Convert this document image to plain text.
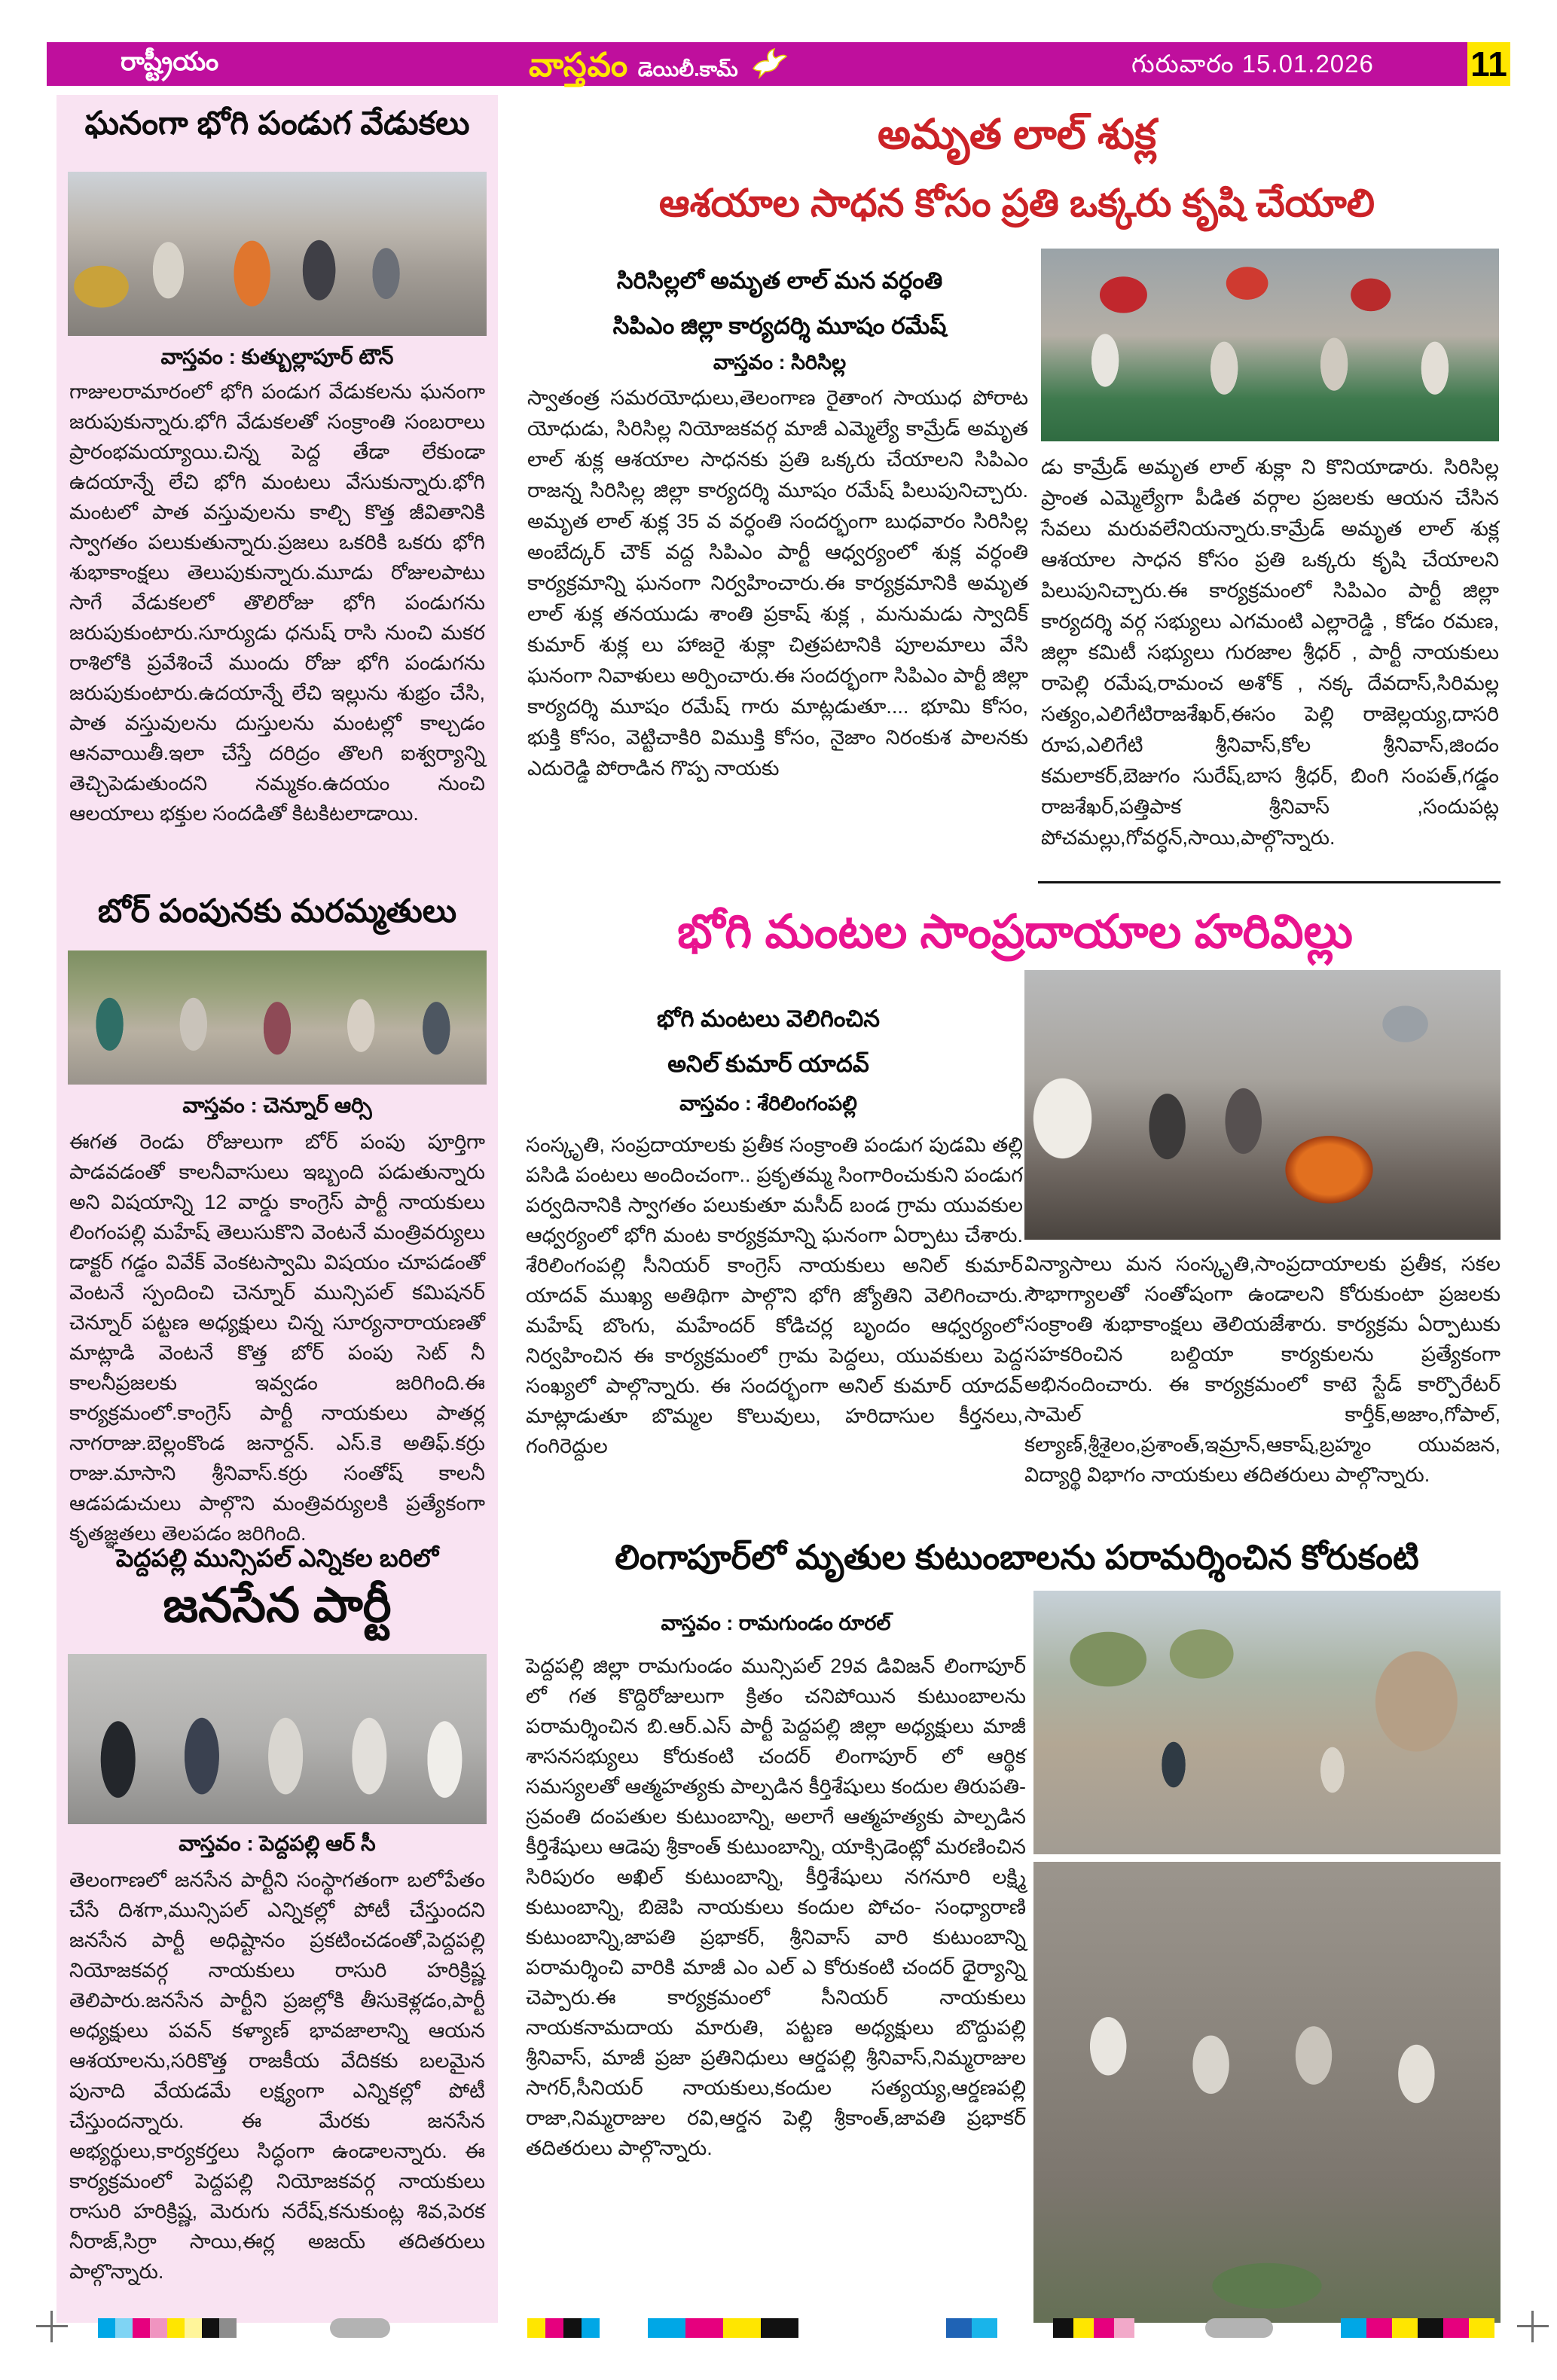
రాష్ట్రీయం	వాస్తవం డెయిలీ.కామ్	గురువారం 15.01.2026	11
ఘనంగా భోగి పండుగ వేడుకలు
వాస్తవం : కుత్బుల్లాపూర్ టౌన్
గాజులరామారంలో భోగి పండుగ వేడుకలను ఘనంగా జరుపుకున్నారు.భోగి వేడుకలతో సంక్రాంతి సంబరాలు ప్రారంభమయ్యాయి.చిన్న పెద్ద తేడా లేకుండా ఉదయాన్నే లేచి భోగి మంటలు వేసుకున్నారు.భోగి మంటలో పాత వస్తువులను కాల్చి కొత్త జీవితానికి స్వాగతం పలుకుతున్నారు.ప్రజలు ఒకరికి ఒకరు భోగి శుభాకాంక్షలు తెలుపుకున్నారు.మూడు రోజులపాటు సాగే వేడుకలలో తొలిరోజు భోగి పండుగను జరుపుకుంటారు.సూర్యుడు ధనుష్ రాసి నుంచి మకర రాశిలోకి ప్రవేశించే ముందు రోజు భోగి పండుగను జరుపుకుంటారు.ఉదయాన్నే లేచి ఇల్లును శుభ్రం చేసి, పాత వస్తువులను దుస్తులను మంటల్లో కాల్చడం ఆనవాయితీ.ఇలా చేస్తే దరిద్రం తొలగి ఐశ్వర్యాన్ని తెచ్చిపెడుతుందని నమ్మకం.ఉదయం నుంచి ఆలయాలు భక్తుల సందడితో కిటకిటలాడాయి.
బోర్ పంపునకు మరమ్మతులు
వాస్తవం : చెన్నూర్ ఆర్సి
ఈగత రెండు రోజులుగా బోర్ పంపు పూర్తిగా పాడవడంతో కాలనీవాసులు ఇబ్బంది పడుతున్నారు అని విషయాన్ని 12 వార్డు కాంగ్రెస్ పార్టీ నాయకులు లింగంపల్లి మహేష్ తెలుసుకొని వెంటనే మంత్రివర్యులు డాక్టర్ గడ్డం వివేక్ వెంకటస్వామి విషయం చూపడంతో వెంటనే స్పందించి చెన్నూర్ మున్సిపల్ కమిషనర్ చెన్నూర్ పట్టణ అధ్యక్షులు చిన్న సూర్యనారాయణతో మాట్లాడి వెంటనే కొత్త బోర్ పంపు సెట్ నీ కాలనీప్రజలకు ఇవ్వడం జరిగింది.ఈ కార్యక్రమంలో.కాంగ్రెస్ పార్టీ నాయకులు పాతర్ల నాగరాజు.బెల్లంకొండ జనార్దన్. ఎస్.కె అతిఫ్.కర్రు రాజు.మాసాని శ్రీనివాస్.కర్రు సంతోష్ కాలనీ ఆడపడుచులు పాల్గొని మంత్రివర్యులకి ప్రత్యేకంగా కృతజ్ఞతలు తెలపడం జరిగింది.
పెద్దపల్లి మున్సిపల్ ఎన్నికల బరిలో
జనసేన పార్టీ
వాస్తవం : పెద్దపల్లి ఆర్ సీ
తెలంగాణలో జనసేన పార్టీని సంస్థాగతంగా బలోపేతం చేసే దిశగా,మున్సిపల్ ఎన్నికల్లో పోటీ చేస్తుందని జనసేన పార్టీ అధిష్టానం ప్రకటించడంతో,పెద్దపల్లి నియోజకవర్గ నాయకులు రాసురి హరిక్రిష్ణ తెలిపారు.జనసేన పార్టీని ప్రజల్లోకి తీసుకెళ్లడం,పార్టీ అధ్యక్షులు పవన్ కళ్యాణ్ భావజాలాన్ని ఆయన ఆశయాలను,సరికొత్త రాజకీయ వేదికకు బలమైన పునాది వేయడమే లక్ష్యంగా ఎన్నికల్లో పోటీ చేస్తుందన్నారు. ఈ మేరకు జనసేన అభ్యర్థులు,కార్యకర్తలు సిద్ధంగా ఉండాలన్నారు. ఈ కార్యక్రమంలో పెద్దపల్లి నియోజకవర్గ నాయకులు రాసురి హరిక్రిష్ణ, మెరుగు నరేష్,కనుకుంట్ల శివ,పెరక నీరాజ్,సిర్రా సాయి,ఈర్ల అజయ్ తదితరులు పాల్గొన్నారు.
అమృత లాల్ శుక్ల
ఆశయాల సాధన కోసం ప్రతి ఒక్కరు కృషి చేయాలి
సిరిసిల్లలో అమృత లాల్ మన వర్ధంతి
సిపిఎం జిల్లా కార్యదర్శి మూషం రమేష్
వాస్తవం : సిరిసిల్ల
స్వాతంత్ర సమరయోధులు,తెలంగాణ రైతాంగ సాయుధ పోరాట యోధుడు, సిరిసిల్ల నియోజకవర్గ మాజీ ఎమ్మెల్యే కామ్రేడ్ అమృత లాల్ శుక్ల ఆశయాల సాధనకు ప్రతి ఒక్కరు చేయాలని సిపిఎం రాజన్న సిరిసిల్ల జిల్లా కార్యదర్శి మూషం రమేష్ పిలుపునిచ్చారు. అమృత లాల్ శుక్ల 35 వ వర్ధంతి సందర్భంగా బుధవారం సిరిసిల్ల అంబేద్కర్ చౌక్ వద్ద సిపిఎం పార్టీ ఆధ్వర్యంలో శుక్ల వర్ధంతి కార్యక్రమాన్ని ఘనంగా నిర్వహించారు.ఈ కార్యక్రమానికి అమృత లాల్ శుక్ల తనయుడు శాంతి ప్రకాష్ శుక్ల , మనుమడు స్వాదిక్ కుమార్ శుక్ల లు హాజరై శుక్లా చిత్రపటానికి పూలమాలు వేసి ఘనంగా నివాళులు అర్పించారు.ఈ సందర్భంగా సిపిఎం పార్టీ జిల్లా కార్యదర్శి మూషం రమేష్ గారు మాట్లడుతూ.... భూమి కోసం, భుక్తి కోసం, వెట్టిచాకిరి విముక్తి కోసం, నైజాం నిరంకుశ పాలనకు ఎదురెడ్డి పోరాడిన గొప్ప నాయకు
డు కామ్రేడ్ అమృత లాల్ శుక్లా ని కొనియాడారు. సిరిసిల్ల ప్రాంత ఎమ్మెల్యేగా పీడిత వర్గాల ప్రజలకు ఆయన చేసిన సేవలు మరువలేనియన్నారు.కామ్రేడ్ అమృత లాల్ శుక్ల ఆశయాల సాధన కోసం ప్రతి ఒక్కరు కృషి చేయాలని పిలుపునిచ్చారు.ఈ కార్యక్రమంలో సిపిఎం పార్టీ జిల్లా కార్యదర్శి వర్గ సభ్యులు ఎగమంటి ఎల్లారెడ్డి , కోడం రమణ, జిల్లా కమిటీ సభ్యులు గురజాల శ్రీధర్ , పార్టీ నాయకులు రాపెల్లి రమేష,రామంచ అశోక్ , నక్క దేవదాస్,సిరిమల్ల సత్యం,ఎలిగేటిరాజశేఖర్,ఈసం పెల్లి రాజెల్లయ్య,దాసరి రూప,ఎలిగేటి శ్రీనివాస్,కోల శ్రీనివాస్,జిందం కమలాకర్,బెజుగం సురేష్,బాస శ్రీధర్, బింగి సంపత్,గడ్డం రాజశేఖర్,పత్తిపాక శ్రీనివాస్ ,సందుపట్ల పోచమల్లు,గోవర్ధన్,సాయి,పాల్గొన్నారు.
భోగి మంటల సాంప్రదాయాల హరివిల్లు
భోగి మంటలు వెలిగించిన
అనిల్ కుమార్ యాదవ్
వాస్తవం : శేరిలింగంపల్లి
సంస్కృతి, సంప్రదాయాలకు ప్రతీక సంక్రాంతి పండుగ పుడమి తల్లి పసిడి పంటలు అందించంగా.. ప్రకృతమ్మ సింగారించుకుని పండుగ పర్వదినానికి స్వాగతం పలుకుతూ మసీద్ బండ గ్రామ యువకుల ఆధ్వర్యంలో భోగి మంట కార్యక్రమాన్ని ఘనంగా ఏర్పాటు చేశారు. శేరిలింగంపల్లి సీనియర్ కాంగ్రెస్ నాయకులు అనిల్ కుమార్ యాదవ్ ముఖ్య అతిథిగా పాల్గొని భోగి జ్యోతిని వెలిగించారు. మహేష్ బొంగు, మహేందర్ కోడిచర్ల బృందం ఆధ్వర్యంలో నిర్వహించిన ఈ కార్యక్రమంలో గ్రామ పెద్దలు, యువకులు పెద్ద సంఖ్యలో పాల్గొన్నారు. ఈ సందర్భంగా అనిల్ కుమార్ యాదవ్ మాట్లాడుతూ బొమ్మల కొలువులు, హరిదాసుల కీర్తనలు, గంగిరెద్దుల
విన్యాసాలు మన సంస్కృతి,సాంప్రదాయాలకు ప్రతీక, సకల సౌభాగ్యాలతో సంతోషంగా ఉండాలని కోరుకుంటా ప్రజలకు సంక్రాంతి శుభాకాంక్షలు తెలియజేశారు. కార్యక్రమ ఏర్పాటుకు సహకరించిన బల్దియా కార్యకులను ప్రత్యేకంగా అభినందించారు. ఈ కార్యక్రమంలో కాటె స్టేడ్ కార్పొరేటర్ సామెల్ కార్తీక్,అజాం,గోపాల్, కల్యాణ్,శ్రీశైలం,ప్రశాంత్,ఇమ్రాన్,ఆకాష్,బ్రహ్మం యువజన, విద్యార్థి విభాగం నాయకులు తదితరులు పాల్గొన్నారు.
లింగాపూర్‌లో మృతుల కుటుంబాలను పరామర్శించిన కోరుకంటి
వాస్తవం : రామగుండం రూరల్
పెద్దపల్లి జిల్లా రామగుండం మున్సిపల్ 29వ డివిజన్ లింగాపూర్ లో గత కొద్దిరోజులుగా క్రితం చనిపోయిన కుటుంబాలను పరామర్శించిన బి.ఆర్.ఎస్ పార్టీ పెద్దపల్లి జిల్లా అధ్యక్షులు మాజీ శాసనసభ్యులు కోరుకంటి చందర్ లింగాపూర్ లో ఆర్థిక సమస్యలతో ఆత్మహత్యకు పాల్పడిన కీర్తిశేషులు కందుల తిరుపతి- స్రవంతి దంపతుల కుటుంబాన్ని, అలాగే ఆత్మహత్యకు పాల్పడిన కీర్తిశేషులు ఆడెపు శ్రీకాంత్ కుటుంబాన్ని, యాక్సిడెంట్లో మరణించిన సిరిపురం అఖిల్ కుటుంబాన్ని, కీర్తిశేషులు నగనూరి లక్ష్మి కుటుంబాన్ని, బిజెపి నాయకులు కందుల పోచం- సంధ్యారాణి కుటుంబాన్ని,జాపతి ప్రభాకర్, శ్రీనివాస్ వారి కుటుంబాన్ని పరామర్శించి వారికి మాజీ ఎం ఎల్ ఎ కోరుకంటి చందర్ ధైర్యాన్ని చెప్పారు.ఈ కార్యక్రమంలో సీనియర్ నాయకులు నాయకనామదాయ మారుతి, పట్టణ అధ్యక్షులు బొద్దుపల్లి శ్రీనివాస్, మాజీ ప్రజా ప్రతినిధులు ఆర్డపల్లి శ్రీనివాస్,నిమ్మరాజుల సాగర్,సీనియర్ నాయకులు,కందుల సత్యయ్య,ఆర్డణపల్లి రాజా,నిమ్మరాజుల రవి,ఆర్డన పెల్లి శ్రీకాంత్,జావతి ప్రభాకర్ తదితరులు పాల్గొన్నారు.
